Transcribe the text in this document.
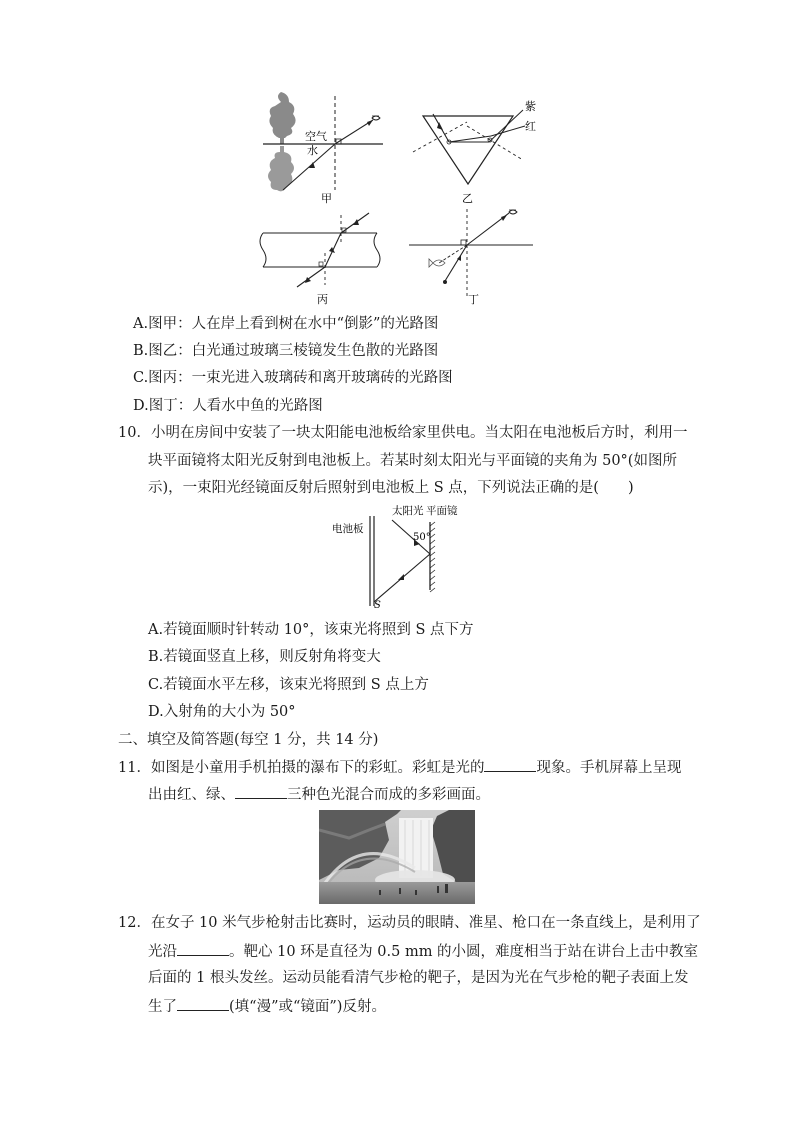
空气
水
甲
紫
红
乙
丙	丁
A.图甲：人在岸上看到树在水中“倒影”的光路图
B.图乙：白光通过玻璃三棱镜发生色散的光路图
C.图丙：一束光进入玻璃砖和离开玻璃砖的光路图
D.图丁：人看水中鱼的光路图
10．小明在房间中安装了一块太阳能电池板给家里供电。当太阳在电池板后方时，利用一
块平面镜将太阳光反射到电池板上。若某时刻太阳光与平面镜的夹角为 50°(如图所
示)，一束阳光经镜面反射后照射到电池板上 S 点，下列说法正确的是(　　)
太阳光 平面镜
电池板
50°
S
A.若镜面顺时针转动 10°，该束光将照到 S 点下方
B.若镜面竖直上移，则反射角将变大
C.若镜面水平左移，该束光将照到 S 点上方
D.入射角的大小为 50°
二、填空及简答题(每空 1 分，共 14 分)
11．如图是小童用手机拍摄的瀑布下的彩虹。彩虹是光的	现象。手机屏幕上呈现
出由红、绿、	三种色光混合而成的多彩画面。
12．在女子 10 米气步枪射击比赛时，运动员的眼睛、准星、枪口在一条直线上，是利用了
光沿	。靶心 10 环是直径为 0.5 mm 的小圆，难度相当于站在讲台上击中教室
后面的 1 根头发丝。运动员能看清气步枪的靶子，是因为光在气步枪的靶子表面上发
生了	(填“漫”或“镜面”)反射。
